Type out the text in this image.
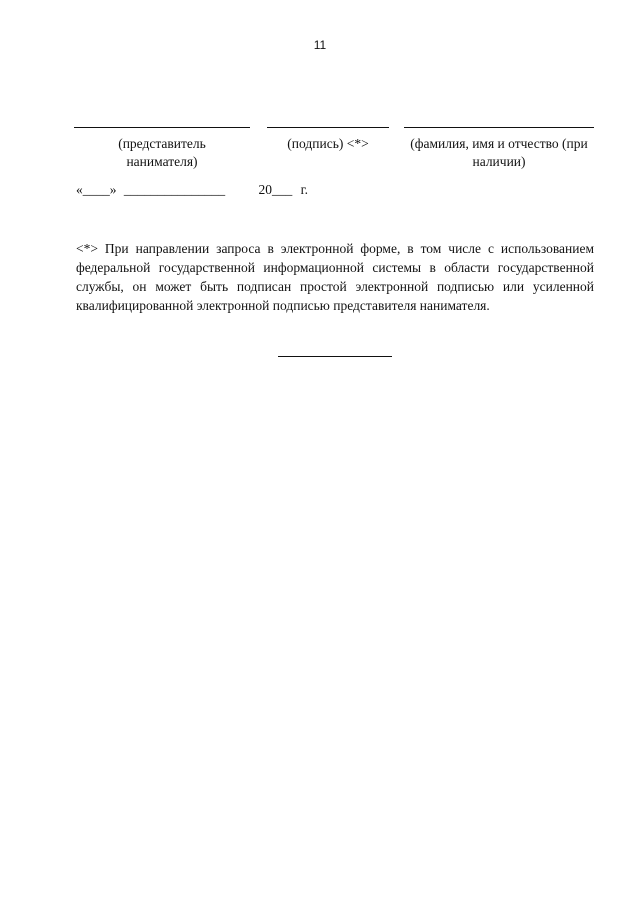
11
(представитель нанимателя)
(подпись) <*>	(фамилия, имя и отчество (при наличии)
«____» _______________ 20___ г.
<*> При направлении запроса в электронной форме, в том числе с использованием федеральной государственной информационной системы в области государственной службы, он может быть подписан простой электронной подписью или усиленной квалифицированной электронной подписью представителя нанимателя.
